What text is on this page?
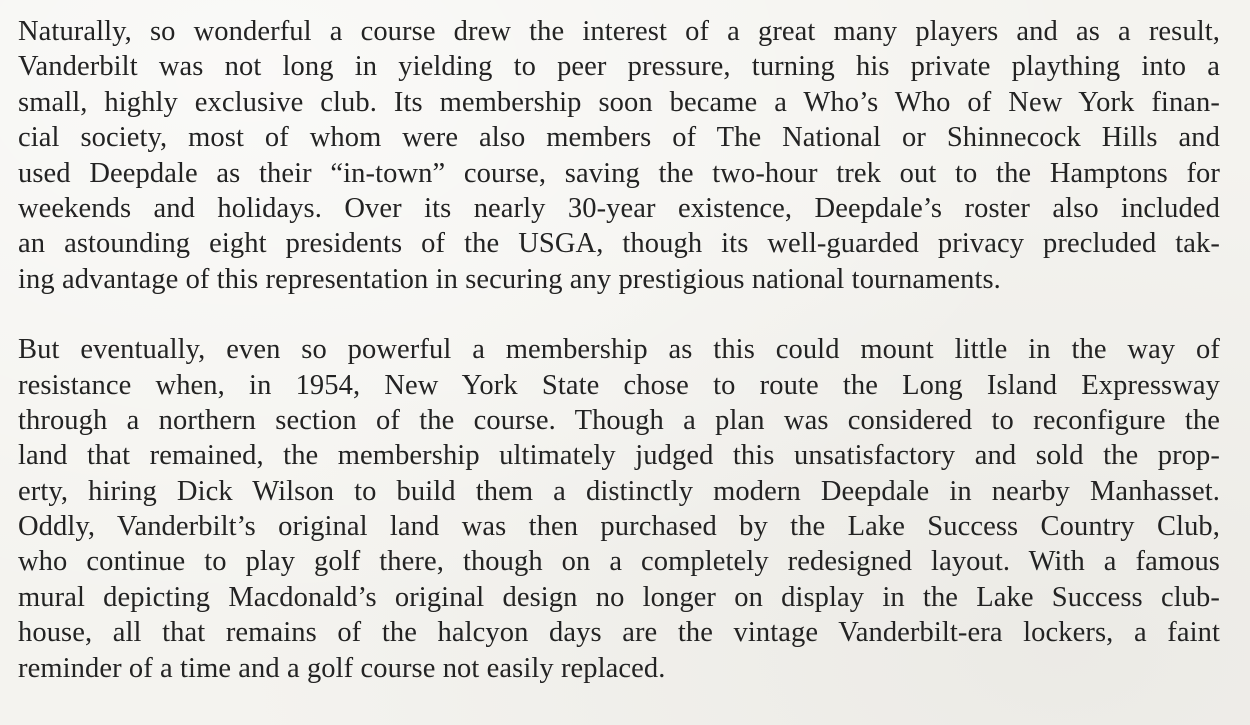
Naturally, so wonderful a course drew the interest of a great many players and as a result,
Vanderbilt was not long in yielding to peer pressure, turning his private plaything into a
small, highly exclusive club. Its membership soon became a Who’s Who of New York finan-
cial society, most of whom were also members of The National or Shinnecock Hills and
used Deepdale as their “in-town” course, saving the two-hour trek out to the Hamptons for
weekends and holidays. Over its nearly 30-year existence, Deepdale’s roster also included
an astounding eight presidents of the USGA, though its well-guarded privacy precluded tak-
ing advantage of this representation in securing any prestigious national tournaments.

But eventually, even so powerful a membership as this could mount little in the way of
resistance when, in 1954, New York State chose to route the Long Island Expressway
through a northern section of the course. Though a plan was considered to reconfigure the
land that remained, the membership ultimately judged this unsatisfactory and sold the prop-
erty, hiring Dick Wilson to build them a distinctly modern Deepdale in nearby Manhasset.
Oddly, Vanderbilt’s original land was then purchased by the Lake Success Country Club,
who continue to play golf there, though on a completely redesigned layout. With a famous
mural depicting Macdonald’s original design no longer on display in the Lake Success club-
house, all that remains of the halcyon days are the vintage Vanderbilt-era lockers, a faint
reminder of a time and a golf course not easily replaced.
